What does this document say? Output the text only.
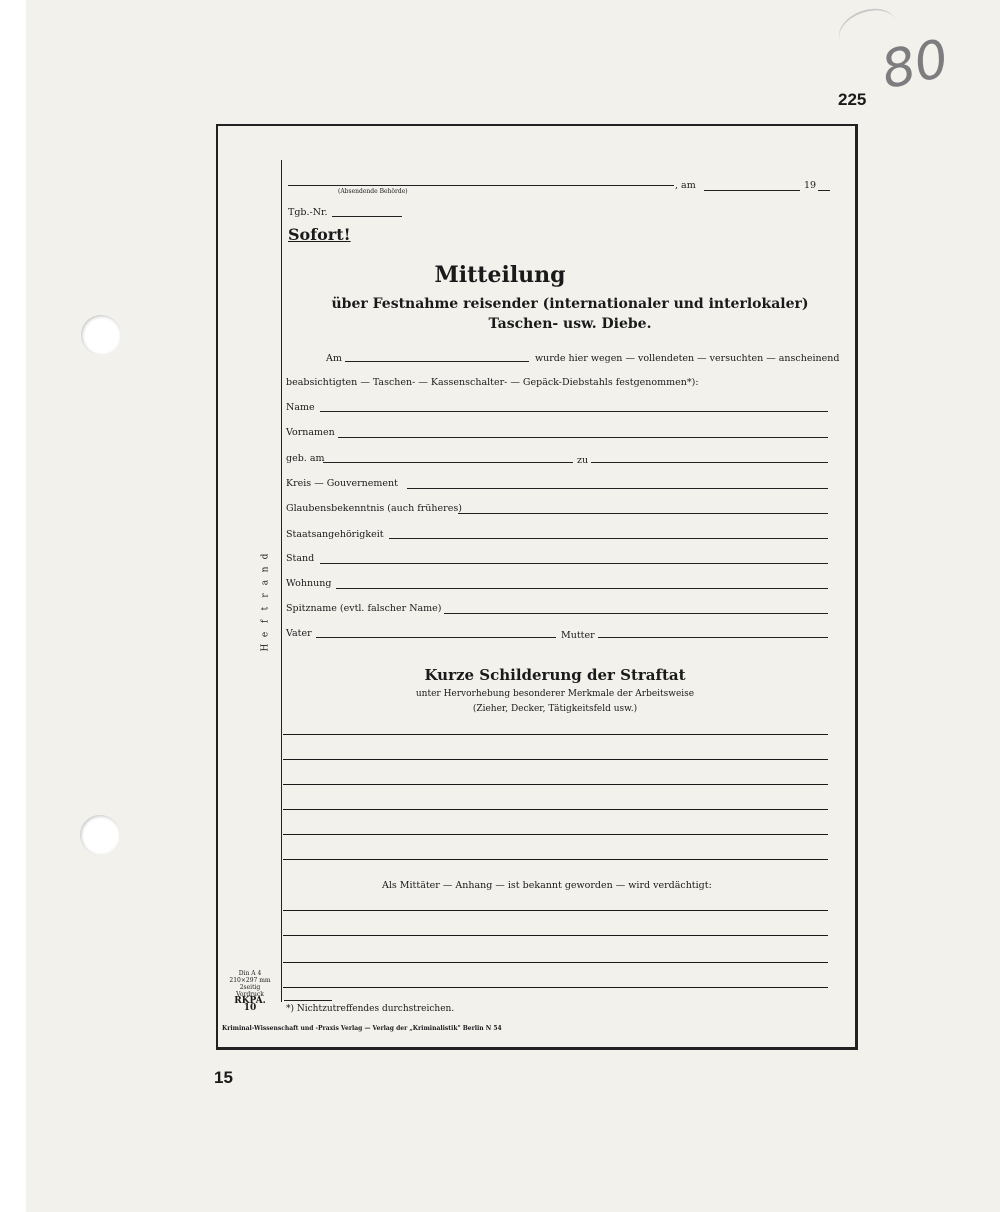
80
225
15
d
n
a
r
t
f
e
H
(Absendende Behörde)
, am	19
Tgb.-Nr.
Sofort!
Mitteilung
über Festnahme reisender (internationaler und interlokaler)
Taschen- usw. Diebe.
Am	wurde hier wegen — vollendeten — versuchten — anscheinend
beabsichtigten — Taschen- — Kassenschalter- — Gepäck-Diebstahls festgenommen*):
Name
Vornamen
geb. am	zu
Kreis — Gouvernement
Glaubensbekenntnis (auch früheres)
Staatsangehörigkeit
Stand
Wohnung
Spitzname (evtl. falscher Name)
Vater	Mutter
Kurze Schilderung der Straftat
unter Hervorhebung besonderer Merkmale der Arbeitsweise
(Zieher, Decker, Tätigkeitsfeld usw.)
Als Mittäter — Anhang — ist bekannt geworden — wird verdächtigt:
*) Nichtzutreffendes durchstreichen.
Kriminal-Wissenschaft und -Praxis Verlag — Verlag der „Kriminalistik" Berlin N 54
Din A 4
210×297 mm
2seitig
Vordruck
RKPA. 10
